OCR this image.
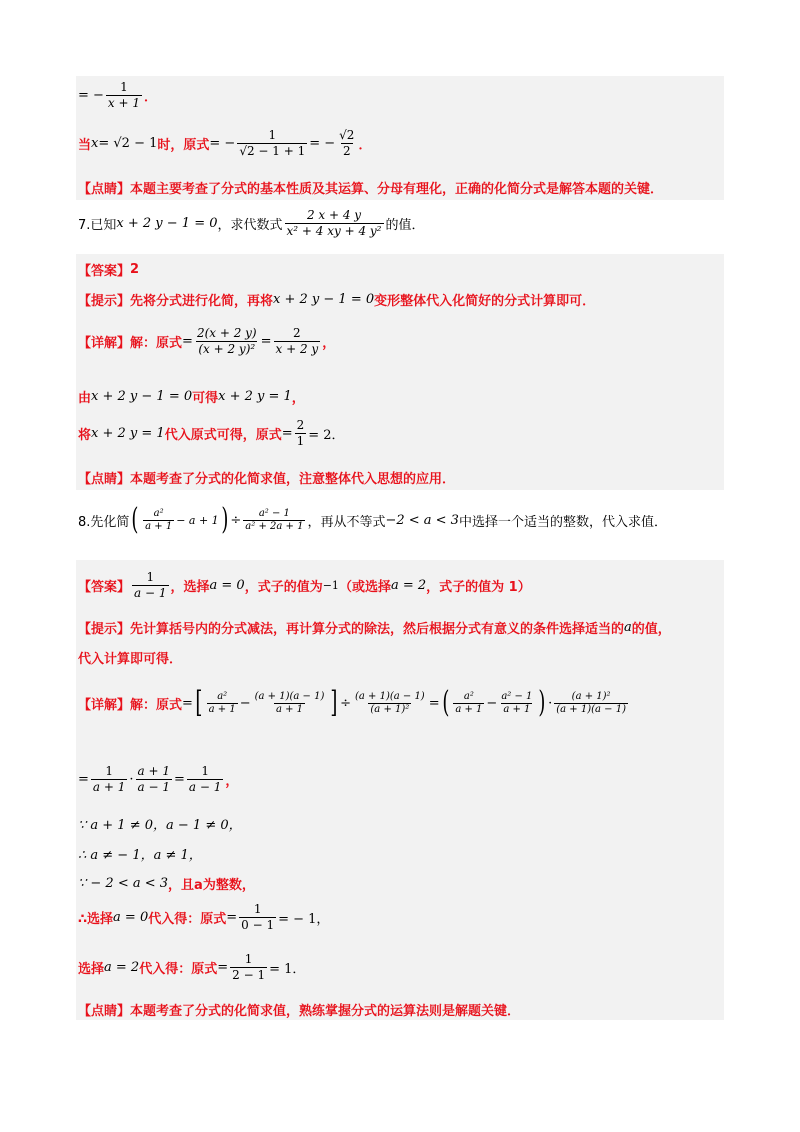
= − $\frac{1}{x + 1}$ ．
当 x = √2 − 1 时，原式 = − $\frac{1}{√2 - 1 + 1}$ = − $\frac{√2}{2}$ ．
【点睛】 本题主要考查了分式的基本性质及其运算、分母有理化，正确的化简分式是解答本题的关键．
7.已知 x + 2 y − 1 = 0 ，求代数式 $\frac{2 x + 4 y}{\text{x² + 4 xy + 4 y²}}$ 的值．
【答案】 2
【提示】 先将分式进行化简，再将 x + 2 y − 1 = 0 变形整体代入化简好的分式计算即可．
【详解】 解：原式 = $\frac{2(x + 2 y)}{\text{(x + 2 y)²}} = \frac{2}{x + 2 y}$ ，
由 x + 2 y − 1 = 0 可得 x + 2 y = 1 ，
将 x + 2 y = 1 代入原式可得，原式 = $\frac{2}{1} = 2$．
【点睛】 本题考查了分式的化简求值，注意整体代入思想的应用．
8.先化简 ( $\frac{\text{a²}}{a + 1} - a + 1$ ) ÷ $\frac{\text{a² − 1}}{\text{a² + 2a + 1}}$ ，再从不等式 −2 < a < 3 中选择一个适当的整数，代入求值．
【答案】 $\frac{1}{a - 1}$ ，选择 a = 0 ，式子的值为 −1 （或选择 a = 2 ，式子的值为 1）
【提示】 先计算括号内的分式减法，再计算分式的除法，然后根据分式有意义的条件选择适当的 a 的值，
代入计算即可得．
【详解】 解：原式 = [ $\frac{\text{a²}}{a + 1} - \frac{(a + 1)(a - 1)}{a + 1}$ ] ÷ $\frac{(a + 1)(a - 1)}{\text{(a + 1)²}}$ = ( $\frac{\text{a²}}{a + 1} - \frac{\text{a² − 1}}{a + 1}$ ) · $\frac{\text{(a + 1)²}}{(a + 1)(a - 1)}$
= $\frac{1}{a + 1} \cdot \frac{a + 1}{a - 1} = \frac{1}{a - 1}$ ，
∵ a + 1 ≠ 0，a − 1 ≠ 0，
∴ a ≠ − 1，a ≠ 1，
∵ − 2 < a < 3 ，且a为整数，
∴选择 a = 0 代入得：原式 = $\frac{1}{0 - 1}$ = − 1，
选择 a = 2 代入得：原式 = $\frac{1}{2 - 1} = 1$．
【点睛】 本题考查了分式的化简求值，熟练掌握分式的运算法则是解题关键．
